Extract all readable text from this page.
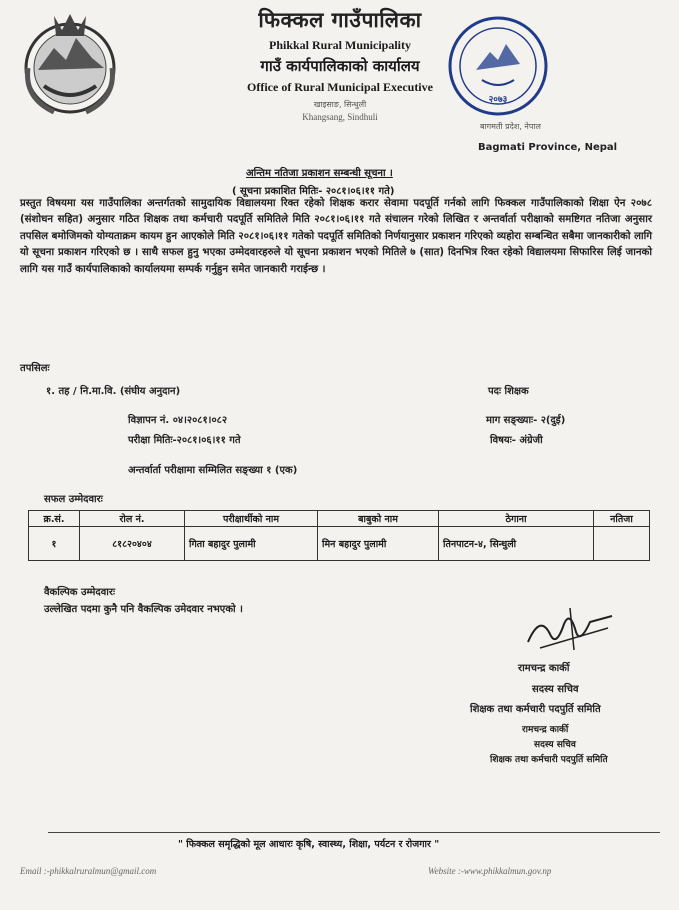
फिक्कल गाउँपालिका
Phikkal Rural Municipality
गाउँ कार्यपालिकाको कार्यालय
Office of Rural Municipal Executive
खाइसाङ, सिन्धुली
Khangsang, Sindhuli
२०७३
बागमती प्रदेश, नेपाल
Bagmati Province, Nepal
अन्तिम नतिजा प्रकाशन सम्बन्धी सूचना ।
( सूचना प्रकाशित मितिः- २०८१।०६।११ गते)
प्रस्तुत विषयमा यस गाउँपालिका अन्तर्गतको सामुदायिक विद्यालयमा रिक्त रहेको शिक्षक करार सेवामा पदपूर्ति गर्नको लागि फिक्कल गाउँपालिकाको शिक्षा ऐन २०७८ (संशोधन सहित) अनुसार गठित शिक्षक तथा कर्मचारी पदपूर्ति समितिले मिति २०८१।०६।११ गते संचालन गरेको लिखित र अन्तर्वार्ता परीक्षाको समष्टिगत नतिजा अनुसार तपसिल बमोजिमको योग्यताक्रम कायम हुन आएकोले मिति २०८१।०६।११ गतेको पदपूर्ति समितिको निर्णयानुसार प्रकाशन गरिएको व्यहोरा सम्बन्धित सबैमा जानकारीको लागि यो सूचना प्रकाशन गरिएको छ । साथै सफल हुनु भएका उम्मेदवारहरुले यो सूचना प्रकाशन भएको मितिले ७ (सात) दिनभित्र रिक्त रहेको विद्यालयमा सिफारिस लिई जानको लागि यस गाउँ कार्यपालिकाको कार्यालयमा सम्पर्क गर्नुहुन समेत जानकारी गराईन्छ ।
तपसिलः
१. तह / नि.मा.वि. (संघीय अनुदान)	पदः शिक्षक
विज्ञापन नं. ०४।२०८१।०८२	माग सङ्ख्याः- २(दुई)
परीक्षा मितिः-२०८१।०६।११ गते	विषयः- अंग्रेजी
अन्तर्वार्ता परीक्षामा सम्मिलित सङ्ख्या १ (एक)
सफल उम्मेदवारः
क्र.सं.	रोल नं.	परीक्षार्थीको नाम	बाबुको नाम	ठेगाना	नतिजा
१	८१८२०४०४	गिता बहादुर पुलामी	मिन बहादुर पुलामी	तिनपाटन-४, सिन्धुली	
वैकल्पिक उम्मेदवारः
उल्लेखित पदमा कुनै पनि वैकल्पिक उमेदवार नभएको ।
रामचन्द्र कार्की
सदस्य सचिव
शिक्षक तथा कर्मचारी पदपुर्ति समिति
रामचन्द्र कार्की
सदस्य सचिव
शिक्षक तथा कर्मचारी पदपुर्ति समिति
" फिक्कल समृद्धिको मूल आधारः कृषि, स्वास्थ्य, शिक्षा, पर्यटन र रोजगार "
Email :-phikkalruralmun@gmail.com	Website :-www.phikkalmun.gov.np
